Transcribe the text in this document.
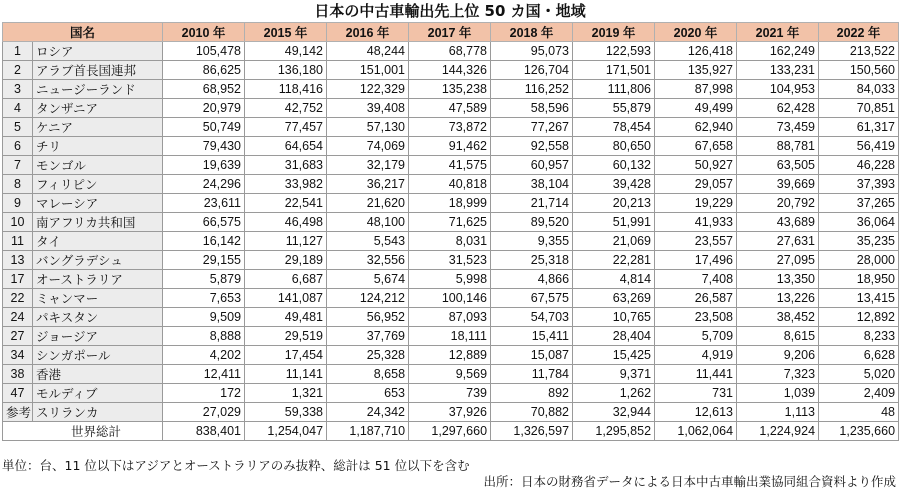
日本の中古車輸出先上位 50 カ国・地域
国名		2010 年	2015 年	2016 年	2017 年	2018 年	2019 年	2020 年	2021 年	2022 年
1	ロシア	105,478	49,142	48,244	68,778	95,073	122,593	126,418	162,249	213,522
2	アラブ首長国連邦	86,625	136,180	151,001	144,326	126,704	171,501	135,927	133,231	150,560
3	ニュージーランド	68,952	118,416	122,329	135,238	116,252	111,806	87,998	104,953	84,033
4	タンザニア	20,979	42,752	39,408	47,589	58,596	55,879	49,499	62,428	70,851
5	ケニア	50,749	77,457	57,130	73,872	77,267	78,454	62,940	73,459	61,317
6	チリ	79,430	64,654	74,069	91,462	92,558	80,650	67,658	88,781	56,419
7	モンゴル	19,639	31,683	32,179	41,575	60,957	60,132	50,927	63,505	46,228
8	フィリピン	24,296	33,982	36,217	40,818	38,104	39,428	29,057	39,669	37,393
9	マレーシア	23,611	22,541	21,620	18,999	21,714	20,213	19,229	20,792	37,265
10	南アフリカ共和国	66,575	46,498	48,100	71,625	89,520	51,991	41,933	43,689	36,064
11	タイ	16,142	11,127	5,543	8,031	9,355	21,069	23,557	27,631	35,235
13	バングラデシュ	29,155	29,189	32,556	31,523	25,318	22,281	17,496	27,095	28,000
17	オーストラリア	5,879	6,687	5,674	5,998	4,866	4,814	7,408	13,350	18,950
22	ミャンマー	7,653	141,087	124,212	100,146	67,575	63,269	26,587	13,226	13,415
24	パキスタン	9,509	49,481	56,952	87,093	54,703	10,765	23,508	38,452	12,892
27	ジョージア	8,888	29,519	37,769	18,111	15,411	28,404	5,709	8,615	8,233
34	シンガポール	4,202	17,454	25,328	12,889	15,087	15,425	4,919	9,206	6,628
38	香港	12,411	11,141	8,658	9,569	11,784	9,371	11,441	7,323	5,020
47	モルディブ	172	1,321	653	739	892	1,262	731	1,039	2,409
参考	スリランカ	27,029	59,338	24,342	37,926	70,882	32,944	12,613	1,113	48
世界総計		838,401	1,254,047	1,187,710	1,297,660	1,326,597	1,295,852	1,062,064	1,224,924	1,235,660
単位：台、11 位以下はアジアとオーストラリアのみ抜粋、総計は 51 位以下を含む
出所：日本の財務省データによる日本中古車輸出業協同組合資料より作成
